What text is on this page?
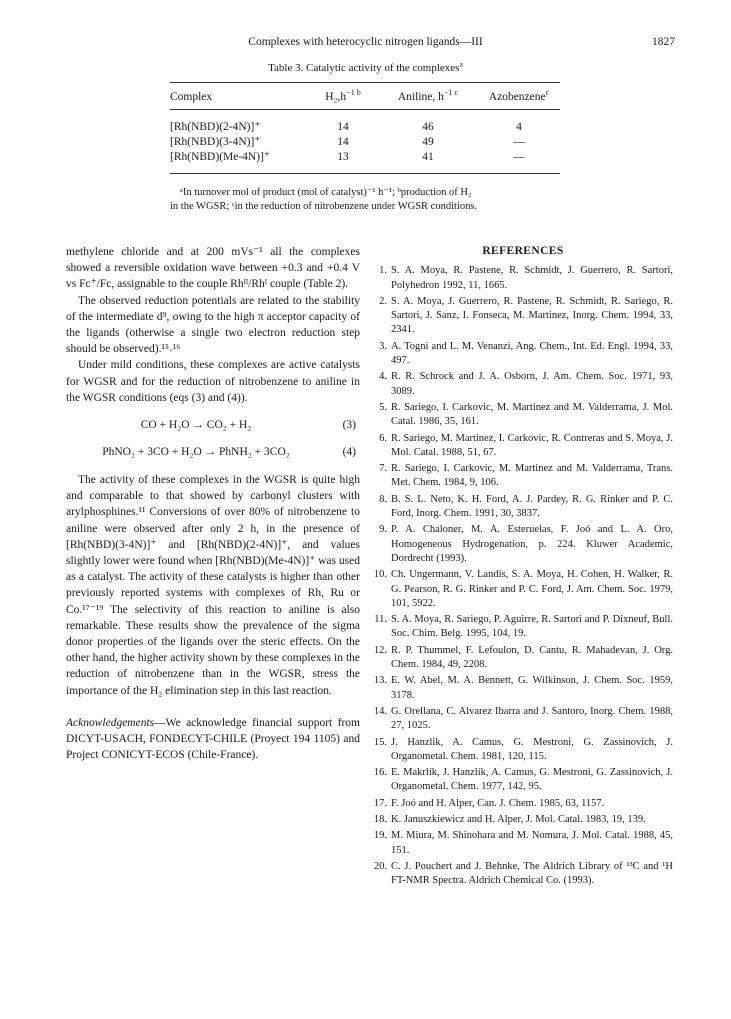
Complexes with heterocyclic nitrogen ligands—III	1827
Table 3. Catalytic activity of the complexes$^a$
Complex	$H_2,h^{-1 b}$	Aniline, $h^{-1 c}$	Azobenzene$^c$
[Rh(NBD)(2-4N)]⁺	14	46	4
[Rh(NBD)(3-4N)]⁺	14	49	—
[Rh(NBD)(Me-4N)]⁺	13	41	—

ᵃIn turnover mol of product (mol of catalyst)⁻¹ h⁻¹; ᵇproduction of H₂

in the WGSR; ᶜin the reduction of nitrobenzene under WGSR conditions.

methylene chloride and at 200 mVs⁻¹ all the complexes showed a reversible oxidation wave between +0.3 and +0.4 V vs Fc⁺/Fc, assignable to the couple Rhᴵᴵ/Rhᴵ couple (Table 2).

The observed reduction potentials are related to the stability of the intermediate d⁹, owing to the high π acceptor capacity of the ligands (otherwise a single two electron reduction step should be observed).¹⁵˒¹⁶

Under mild conditions, these complexes are active catalysts for WGSR and for the reduction of nitrobenzene to aniline in the WGSR conditions (eqs (3) and (4)).

CO + H₂O → CO₂ + H₂	(3)
PhNO₂ + 3CO + H₂O → PhNH₂ + 3CO₂	(4)

The activity of these complexes in the WGSR is quite high and comparable to that showed by carbonyl clusters with arylphosphines.¹¹ Conversions of over 80% of nitrobenzene to aniline were observed after only 2 h, in the presence of [Rh(NBD)(3-4N)]⁺ and [Rh(NBD)(2-4N)]⁺, and values slightly lower were found when [Rh(NBD)(Me-4N)]⁺ was used as a catalyst. The activity of these catalysts is higher than other previously reported systems with complexes of Rh, Ru or Co.¹⁷⁻¹⁹ The selectivity of this reaction to aniline is also remarkable. These results show the prevalence of the sigma donor properties of the ligands over the steric effects. On the other hand, the higher activity shown by these complexes in the reduction of nitrobenzene than in the WGSR, stress the importance of the H₂ elimination step in this last reaction.

Acknowledgements—We acknowledge financial support from DICYT-USACH, FONDECYT-CHILE (Proyect 194 1105) and Project CONICYT-ECOS (Chile-France).

REFERENCES
1. S. A. Moya, R. Pastene, R. Schmidt, J. Guerrero, R. Sartori, Polyhedron 1992, 11, 1665.
2. S. A. Moya, J. Guerrero, R. Pastene, R. Schmidt, R. Sariego, R. Sartori, J. Sanz, I. Fonseca, M. Martinez, Inorg. Chem. 1994, 33, 2341.
3. A. Togni and L. M. Venanzi, Ang. Chem., Int. Ed. Engl. 1994, 33, 497.
4. R. R. Schrock and J. A. Osborn, J. Am. Chem. Soc. 1971, 93, 3089.
5. R. Sariego, I. Carkovic, M. Martinez and M. Valderrama, J. Mol. Catal. 1986, 35, 161.
6. R. Sariego, M. Martinez, I. Carkovic, R. Contreras and S. Moya, J. Mol. Catal. 1988, 51, 67.
7. R. Sariego, I. Carkovic, M. Martinez and M. Valderrama, Trans. Met. Chem. 1984, 9, 106.
8. B. S. L. Neto, K. H. Ford, A. J. Pardey, R. G. Rinker and P. C. Ford, Inorg. Chem. 1991, 30, 3837.
9. P. A. Chaloner, M. A. Esteruelas, F. Joó and L. A. Oro, Homogeneous Hydrogenation, p. 224. Kluwer Academic, Dordrecht (1993).
10. Ch. Ungermann, V. Landis, S. A. Moya, H. Cohen, H. Walker, R. G. Pearson, R. G. Rinker and P. C. Ford, J. Am. Chem. Soc. 1979, 101, 5922.
11. S. A. Moya, R. Sariego, P. Aguirre, R. Sartori and P. Dixneuf, Bull. Soc. Chim. Belg. 1995, 104, 19.
12. R. P. Thummel, F. Lefoulon, D. Cantu, R. Mahadevan, J. Org. Chem. 1984, 49, 2208.
13. E. W. Abel, M. A. Bennett, G. Wilkinson, J. Chem. Soc. 1959, 3178.
14. G. Orellana, C. Alvarez Ibarra and J. Santoro, Inorg. Chem. 1988, 27, 1025.
15. J. Hanzlik, A. Camus, G. Mestroni, G. Zassinovich, J. Organometal. Chem. 1981, 120, 115.
16. E. Makrlík, J. Hanzlík, A. Camus, G. Mestroni, G. Zassinovich, J. Organometal. Chem. 1977, 142, 95.
17. F. Joó and H. Alper, Can. J. Chem. 1985, 63, 1157.
18. K. Januszkiewicz and H. Alper, J. Mol. Catal. 1983, 19, 139.
19. M. Miura, M. Shinohara and M. Nomura, J. Mol. Catal. 1988, 45, 151.
20. C. J. Pouchert and J. Behnke, The Aldrich Library of ¹³C and ¹H FT-NMR Spectra. Aldrich Chemical Co. (1993).
